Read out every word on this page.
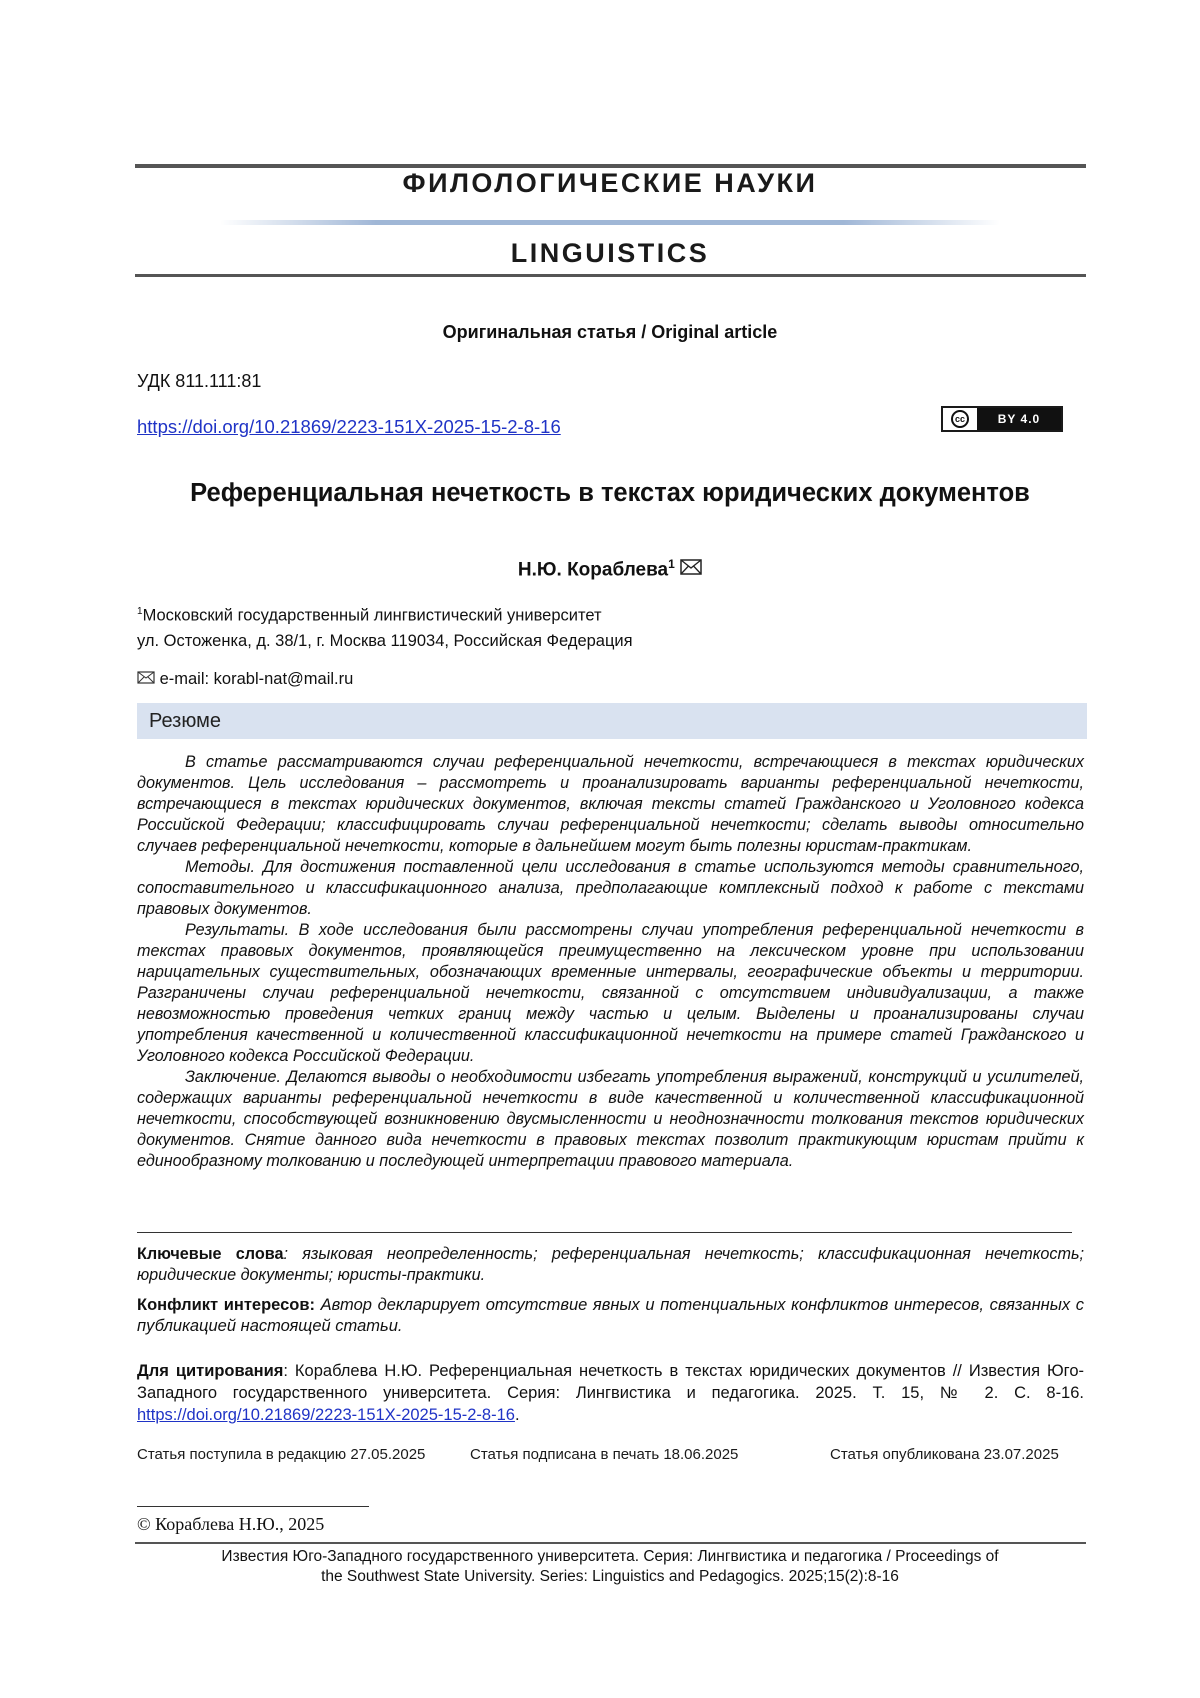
ФИЛОЛОГИЧЕСКИЕ НАУКИ
LINGUISTICS
Оригинальная статья / Original article
УДК 811.111:81
https://doi.org/10.21869/2223-151X-2025-15-2-8-16	cc	BY 4.0
Референциальная нечеткость в текстах юридических документов
Н.Ю. Кораблева$^1$
$^1$Московский государственный лингвистический университет
ул. Остоженка, д. 38/1, г. Москва 119034, Российская Федерация
e-mail: korabl-nat@mail.ru
Резюме

В статье рассматриваются случаи референциальной нечеткости, встречающиеся в текстах юридических документов. Цель исследования – рассмотреть и проанализировать варианты референциальной нечеткости, встречающиеся в текстах юридических документов, включая тексты статей Гражданского и Уголовного кодекса Российской Федерации; классифицировать случаи референциальной нечеткости; сделать выводы относительно случаев референциальной нечеткости, которые в дальнейшем могут быть полезны юристам-практикам.

Методы. Для достижения поставленной цели исследования в статье используются методы сравнительного, сопоставительного и классификационного анализа, предполагающие комплексный подход к работе с текстами правовых документов.

Результаты. В ходе исследования были рассмотрены случаи употребления референциальной нечеткости в текстах правовых документов, проявляющейся преимущественно на лексическом уровне при использовании нарицательных существительных, обозначающих временные интервалы, географические объекты и территории. Разграничены случаи референциальной нечеткости, связанной с отсутствием индивидуализации, а также невозможностью проведения четких границ между частью и целым. Выделены и проанализированы случаи употребления качественной и количественной классификационной нечеткости на примере статей Гражданского и Уголовного кодекса Российской Федерации.

Заключение. Делаются выводы о необходимости избегать употребления выражений, конструкций и усилителей, содержащих варианты референциальной нечеткости в виде качественной и количественной классификационной нечеткости, способствующей возникновению двусмысленности и неоднозначности толкования текстов юридических документов. Снятие данного вида нечеткости в правовых текстах позволит практикующим юристам прийти к единообразному толкованию и последующей интерпретации правового материала.

Ключевые слова: языковая неопределенность; референциальная нечеткость; классификационная нечеткость; юридические документы; юристы-практики.
Конфликт интересов: Автор декларирует отсутствие явных и потенциальных конфликтов интересов, связанных с публикацией настоящей статьи.
Для цитирования: Кораблева Н.Ю. Референциальная нечеткость в текстах юридических документов // Известия Юго-Западного государственного университета. Серия: Лингвистика и педагогика. 2025. Т. 15, № 2. С. 8-16. https://doi.org/10.21869/2223-151X-2025-15-2-8-16.
Статья поступила в редакцию 27.05.2025	Статья подписана в печать 18.06.2025	Статья опубликована 23.07.2025
© Кораблева Н.Ю., 2025
Известия Юго-Западного государственного университета. Серия: Лингвистика и педагогика / Proceedings of
the Southwest State University. Series: Linguistics and Pedagogics. 2025;15(2):8-16
